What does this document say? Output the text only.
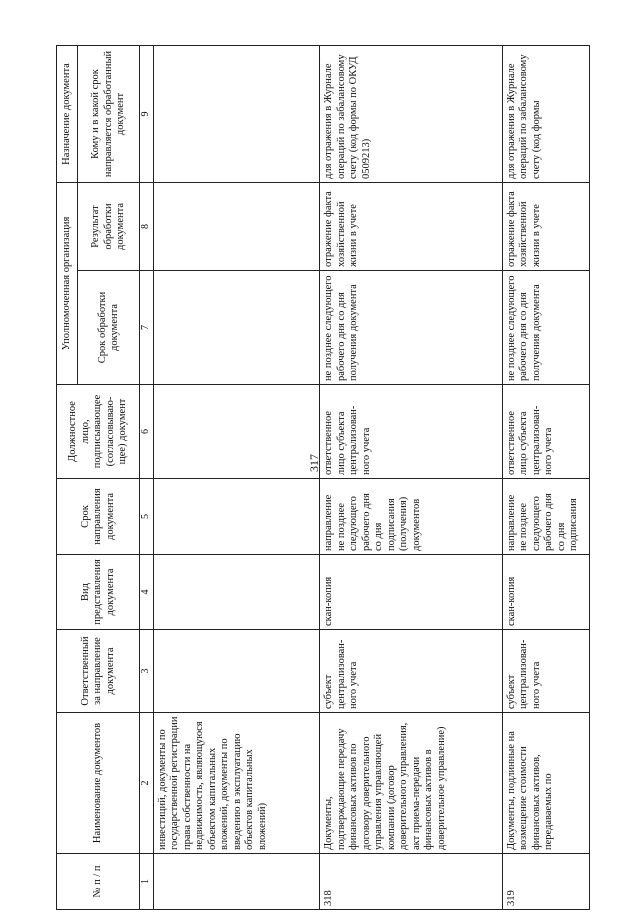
317
№ п / п	Наименование документов	Ответственный за направление документа	Вид представления документа	Срок направления документа	Должностное лицо, подписывающее (согласовываю-щее) документ	Уполномоченная организация		Назначение документа
						Срок обработки документа	Результат обработки документа	Кому и в какой срок направляется обработанный документ
1	2	3	4	5	6	7	8	9
	инвестиций, документы по государственной регистрации права собственности на недвижимость, являющуюся объектом капитальных вложений, документы по введению в эксплуатацию объектов капитальных вложений)							
318	Документы, подтверждающие передачу финансовых активов по договору доверительного управления управляющей компании (договор доверительного управления, акт приема-передачи финансовых активов в доверительное управление)	субъект централизован-ного учета	скан-копия	направление не позднее следующего рабочего дня со дня подписания (получения) документов	ответственное лицо субъекта централизован-ного учета	не позднее следующего рабочего дня со дня получения документа	отражение факта хозяйственной жизни в учете	для отражения в Журнале операций по забалансовому счету (код формы по ОКУД 0509213)
319	Документы, подлинные на возмещение стоимости финансовых активов, передаваемых по	субъект централизован-ного учета	скан-копия	направление не позднее следующего рабочего дня со дня подписания	ответственное лицо субъекта централизован-ного учета	не позднее следующего рабочего дня со дня получения документа	отражение факта хозяйственной жизни в учете	для отражения в Журнале операций по забалансовому счету (код формы
